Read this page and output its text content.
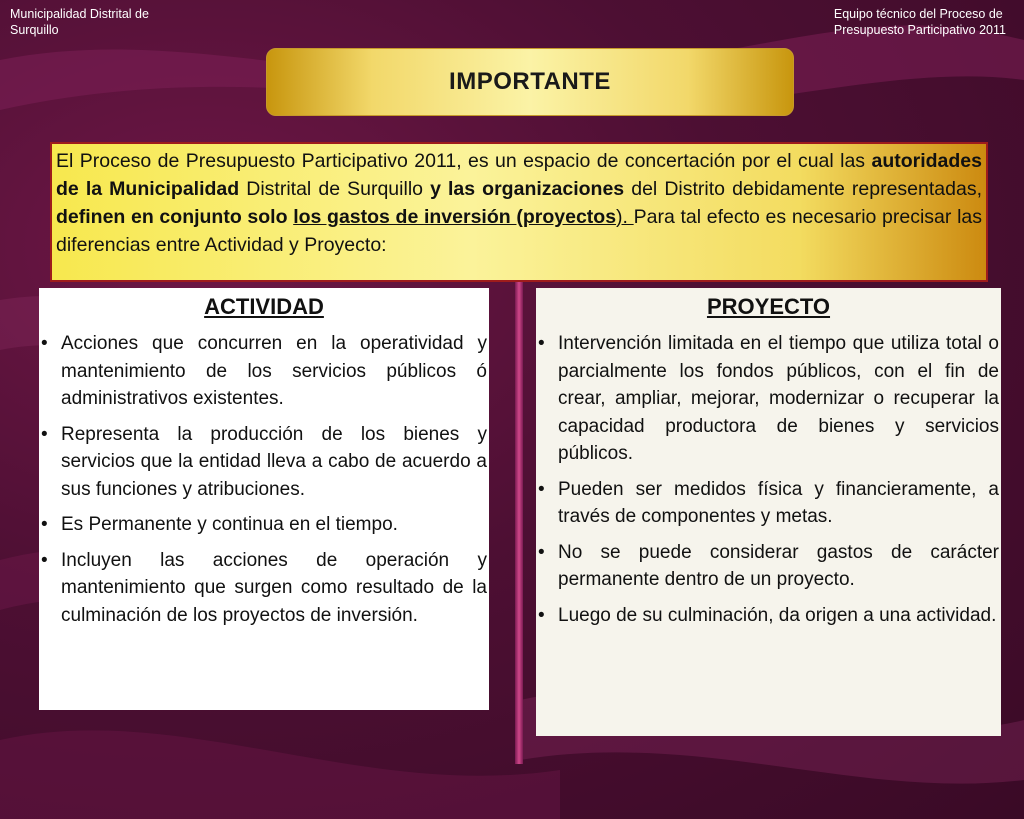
Municipalidad Distrital de
Surquillo
Equipo técnico del Proceso de
Presupuesto Participativo 2011
IMPORTANTE
El Proceso de Presupuesto Participativo 2011, es un espacio de concertación por el cual las autoridades de la Municipalidad Distrital de Surquillo y las organizaciones del Distrito debidamente representadas, definen en conjunto solo los gastos de inversión (proyectos). Para tal efecto es necesario precisar las diferencias entre Actividad y Proyecto:
ACTIVIDAD
• Acciones que concurren en la operatividad y mantenimiento de los servicios públicos ó administrativos existentes.
• Representa la producción de los bienes y servicios que la entidad lleva a cabo de acuerdo a sus funciones y atribuciones.
• Es Permanente y continua en el tiempo.
• Incluyen las acciones de operación y mantenimiento que surgen como resultado de la culminación de los proyectos de inversión.
PROYECTO
• Intervención limitada en el tiempo que utiliza total o parcialmente los fondos públicos, con el fin de crear, ampliar, mejorar, modernizar o recuperar la capacidad productora de bienes y servicios públicos.
• Pueden ser medidos física y financieramente, a través de componentes y metas.
• No se puede considerar gastos de carácter permanente dentro de un proyecto.
• Luego de su culminación, da origen a una actividad.
